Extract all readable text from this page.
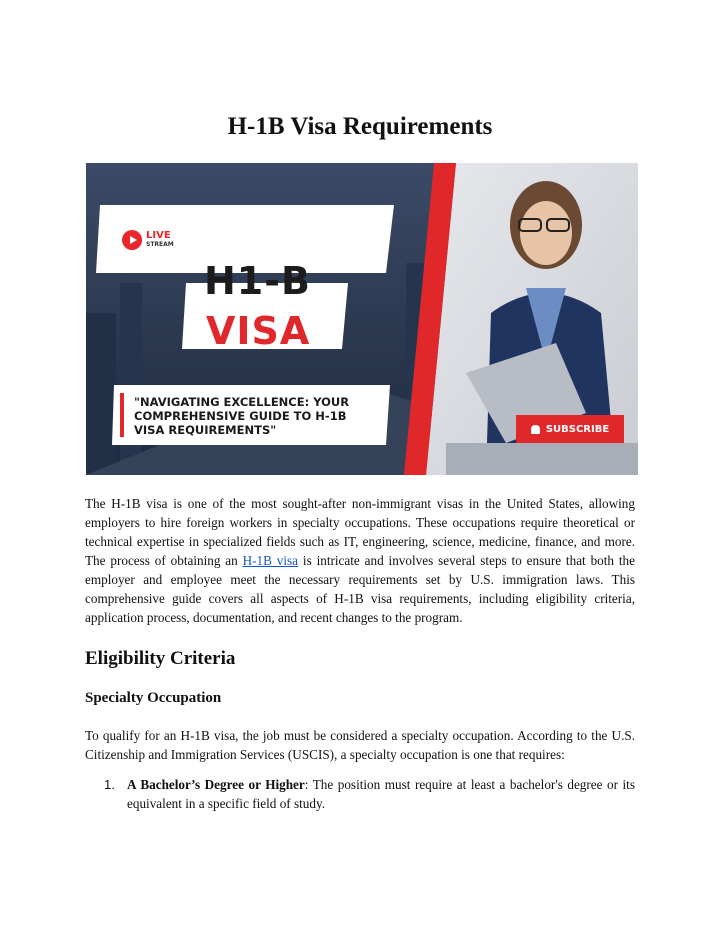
H-1B Visa Requirements
LIVE
STREAM
H1-B
VISA
"NAVIGATING EXCELLENCE: YOUR
COMPREHENSIVE GUIDE TO H-1B
VISA REQUIREMENTS"	SUBSCRIBE

The H-1B visa is one of the most sought-after non-immigrant visas in the United States, allowing employers to hire foreign workers in specialty occupations. These occupations require theoretical or technical expertise in specialized fields such as IT, engineering, science, medicine, finance, and more. The process of obtaining an H-1B visa is intricate and involves several steps to ensure that both the employer and employee meet the necessary requirements set by U.S. immigration laws. This comprehensive guide covers all aspects of H-1B visa requirements, including eligibility criteria, application process, documentation, and recent changes to the program.

Eligibility Criteria
Specialty Occupation

To qualify for an H-1B visa, the job must be considered a specialty occupation. According to the U.S. Citizenship and Immigration Services (USCIS), a specialty occupation is one that requires:

1. A Bachelor’s Degree or Higher: The position must require at least a bachelor's degree or its equivalent in a specific field of study.
